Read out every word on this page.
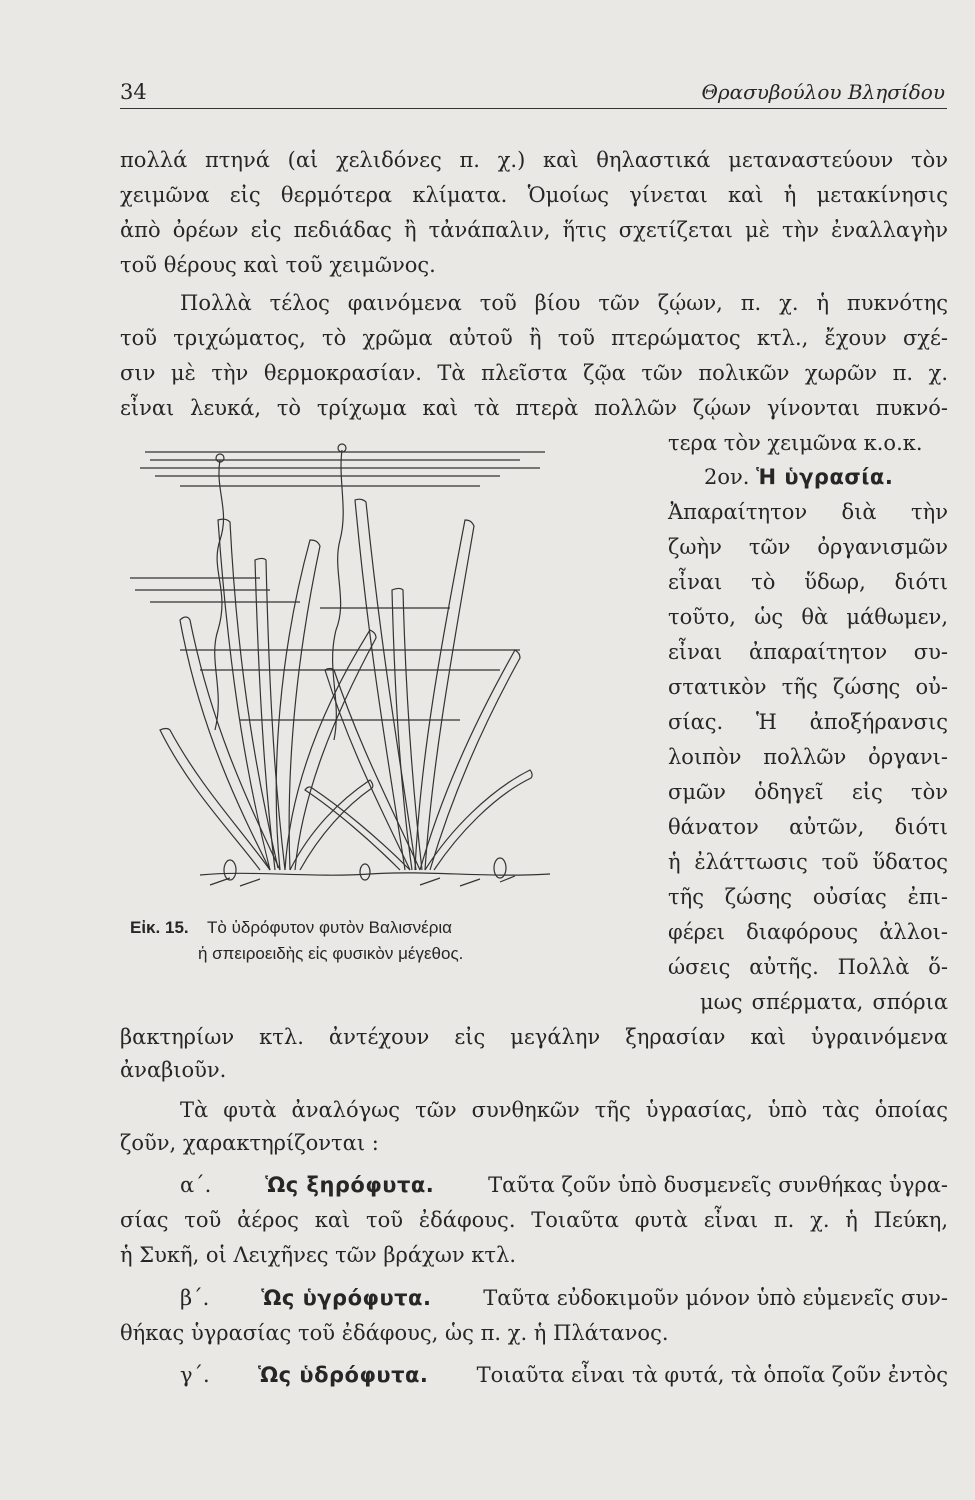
34	Θρασυβούλου Βλησίδου
πολλά πτηνά (αἱ χελιδόνες π. χ.) καὶ θηλαστικά μεταναστεύουν τὸν
χειμῶνα εἰς θερμότερα κλίματα. Ὁμοίως γίνεται καὶ ἡ μετακίνησις
ἀπὸ ὀρέων εἰς πεδιάδας ἢ τἀνάπαλιν, ἥτις σχετίζεται μὲ τὴν ἐναλλαγὴν
τοῦ θέρους καὶ τοῦ χειμῶνος.
Πολλὰ τέλος φαινόμενα τοῦ βίου τῶν ζῴων, π. χ. ἡ πυκνότης
τοῦ τριχώματος, τὸ χρῶμα αὐτοῦ ἢ τοῦ πτερώματος κτλ., ἔχουν σχέ-
σιν μὲ τὴν θερμοκρασίαν. Τὰ πλεῖστα ζῷα τῶν πολικῶν χωρῶν π. χ.
εἶναι λευκά, τὸ τρίχωμα καὶ τὰ πτερὰ πολλῶν ζῴων γίνονται πυκνό-
τερα τὸν χειμῶνα κ.ο.κ.
2ον. Ἡ ὑγρασία.
Ἀπαραίτητον διὰ τὴν
ζωὴν τῶν ὀργανισμῶν
εἶναι τὸ ὕδωρ, διότι
τοῦτο, ὡς θὰ μάθωμεν,
εἶναι ἀπαραίτητον συ-
στατικὸν τῆς ζώσης οὐ-
σίας. Ἡ ἀποξήρανσις
λοιπὸν πολλῶν ὀργανι-
σμῶν ὁδηγεῖ εἰς τὸν
θάνατον αὐτῶν, διότι
ἡ ἐλάττωσις τοῦ ὕδατος
τῆς ζώσης οὐσίας ἐπι-
φέρει διαφόρους ἀλλοι-
ώσεις αὐτῆς. Πολλὰ ὅ-
μως σπέρματα, σπόρια
Εἰκ. 15. Τὸ ὑδρόφυτον φυτὸν Βαλισνέρια
ἡ σπειροειδὴς εἰς φυσικὸν μέγεθος.
βακτηρίων κτλ. ἀντέχουν εἰς μεγάλην ξηρασίαν καὶ ὑγραινόμενα
ἀναβιοῦν.
Τὰ φυτὰ ἀναλόγως τῶν συνθηκῶν τῆς ὑγρασίας, ὑπὸ τὰς ὁποίας
ζοῦν, χαρακτηρίζονται :
α΄.	Ὡς ξηρόφυτα.	Ταῦτα ζοῦν ὑπὸ δυσμενεῖς συνθήκας ὑγρα-
σίας τοῦ ἀέρος καὶ τοῦ ἐδάφους. Τοιαῦτα φυτὰ εἶναι π. χ. ἡ Πεύκη,
ἡ Συκῆ, οἱ Λειχῆνες τῶν βράχων κτλ.
β΄. Ὡς ὑγρόφυτα. Ταῦτα εὐδοκιμοῦν μόνον ὑπὸ εὐμενεῖς συν-
θήκας ὑγρασίας τοῦ ἐδάφους, ὡς π. χ. ἡ Πλάτανος.
γ΄. Ὡς ὑδρόφυτα. Τοιαῦτα εἶναι τὰ φυτά, τὰ ὁποῖα ζοῦν ἐντὸς
